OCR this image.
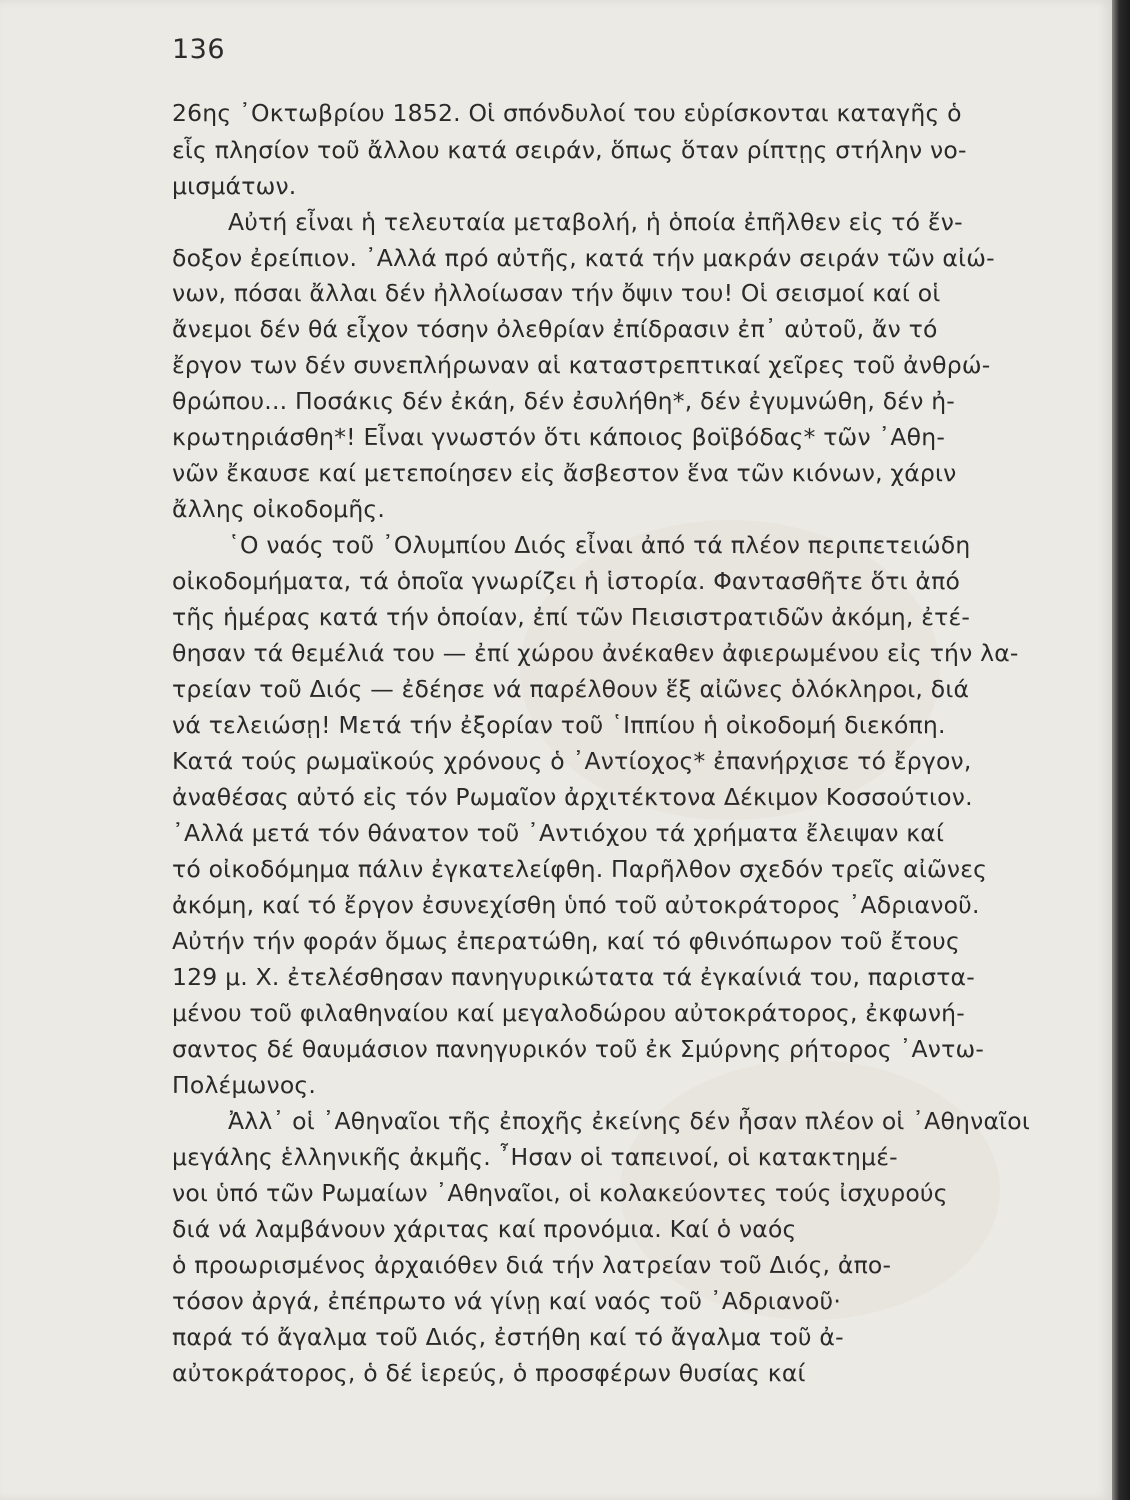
136
26ης ᾿Οκτωβρίου 1852. Οἱ σπόνδυλοί του εὑρίσκονται καταγῆς ὁ
εἷς πλησίον τοῦ ἄλλου κατά σειράν, ὅπως ὅταν ρίπτῃς στήλην νο-
μισμάτων.
Αὐτή εἶναι ἡ τελευταία μεταβολή, ἡ ὁποία ἐπῆλθεν εἰς τό ἔν-
δοξον ἐρείπιον. ᾿Αλλά πρό αὐτῆς, κατά τήν μακράν σειράν τῶν αἰώ-
νων, πόσαι ἄλλαι δέν ἠλλοίωσαν τήν ὄψιν του! Οἱ σεισμοί καί οἱ
ἄνεμοι δέν θά εἶχον τόσην ὀλεθρίαν ἐπίδρασιν ἐπ᾿ αὐτοῦ, ἄν τό
ἔργον των δέν συνεπλήρωναν αἱ καταστρεπτικαί χεῖρες τοῦ ἀνθρώ-
θρώπου... Ποσάκις δέν ἐκάη, δέν ἐσυλήθη*, δέν ἐγυμνώθη, δέν ἠ-
κρωτηριάσθη*! Εἶναι γνωστόν ὅτι κάποιος βοϊβόδας* τῶν ᾿Αθη-
νῶν ἔκαυσε καί μετεποίησεν εἰς ἄσβεστον ἕνα τῶν κιόνων, χάριν
ἄλλης οἰκοδομῆς.
῾Ο ναός τοῦ ᾿Ολυμπίου Διός εἶναι ἀπό τά πλέον περιπετειώδη
οἰκοδομήματα, τά ὁποῖα γνωρίζει ἡ ἱστορία. Φαντασθῆτε ὅτι ἀπό
τῆς ἡμέρας κατά τήν ὁποίαν, ἐπί τῶν Πεισιστρατιδῶν ἀκόμη, ἐτέ-
θησαν τά θεμέλιά του — ἐπί χώρου ἀνέκαθεν ἀφιερωμένου εἰς τήν λα-
τρείαν τοῦ Διός — ἐδέησε νά παρέλθουν ἕξ αἰῶνες ὁλόκληροι, διά
νά τελειώσῃ! Μετά τήν ἐξορίαν τοῦ ῾Ιππίου ἡ οἰκοδομή διεκόπη.
Κατά τούς ρωμαϊκούς χρόνους ὁ ᾿Αντίοχος* ἐπανήρχισε τό ἔργον,
ἀναθέσας αὐτό εἰς τόν Ρωμαῖον ἀρχιτέκτονα Δέκιμον Κοσσούτιον.
᾿Αλλά μετά τόν θάνατον τοῦ ᾿Αντιόχου τά χρήματα ἔλειψαν καί
τό οἰκοδόμημα πάλιν ἐγκατελείφθη. Παρῆλθον σχεδόν τρεῖς αἰῶνες
ἀκόμη, καί τό ἔργον ἐσυνεχίσθη ὑπό τοῦ αὐτοκράτορος ᾿Αδριανοῦ.
Αὐτήν τήν φοράν ὅμως ἐπερατώθη, καί τό φθινόπωρον τοῦ ἔτους
129 μ. Χ. ἐτελέσθησαν πανηγυρικώτατα τά ἐγκαίνιά του, παριστα-
μένου τοῦ φιλαθηναίου καί μεγαλοδώρου αὐτοκράτορος, ἐκφωνή-
σαντος δέ θαυμάσιον πανηγυρικόν τοῦ ἐκ Σμύρνης ρήτορος ᾿Αντω-
Πολέμωνος.
Ἀλλ᾿ οἱ ᾿Αθηναῖοι τῆς ἐποχῆς ἐκείνης δέν ἦσαν πλέον οἱ ᾿Αθηναῖοι
μεγάλης ἑλληνικῆς ἀκμῆς. ῏Ησαν οἱ ταπεινοί, οἱ κατακτημέ-
νοι ὑπό τῶν Ρωμαίων ᾿Αθηναῖοι, οἱ κολακεύοντες τούς ἰσχυρούς
διά νά λαμβάνουν χάριτας καί προνόμια. Καί ὁ ναός
ὁ προωρισμένος ἀρχαιόθεν διά τήν λατρείαν τοῦ Διός, ἀπο-
τόσον ἀργά, ἐπέπρωτο νά γίνῃ καί ναός τοῦ ᾿Αδριανοῦ·
παρά τό ἄγαλμα τοῦ Διός, ἐστήθη καί τό ἄγαλμα τοῦ ἀ-
αὐτοκράτορος, ὁ δέ ἱερεύς, ὁ προσφέρων θυσίας καί
